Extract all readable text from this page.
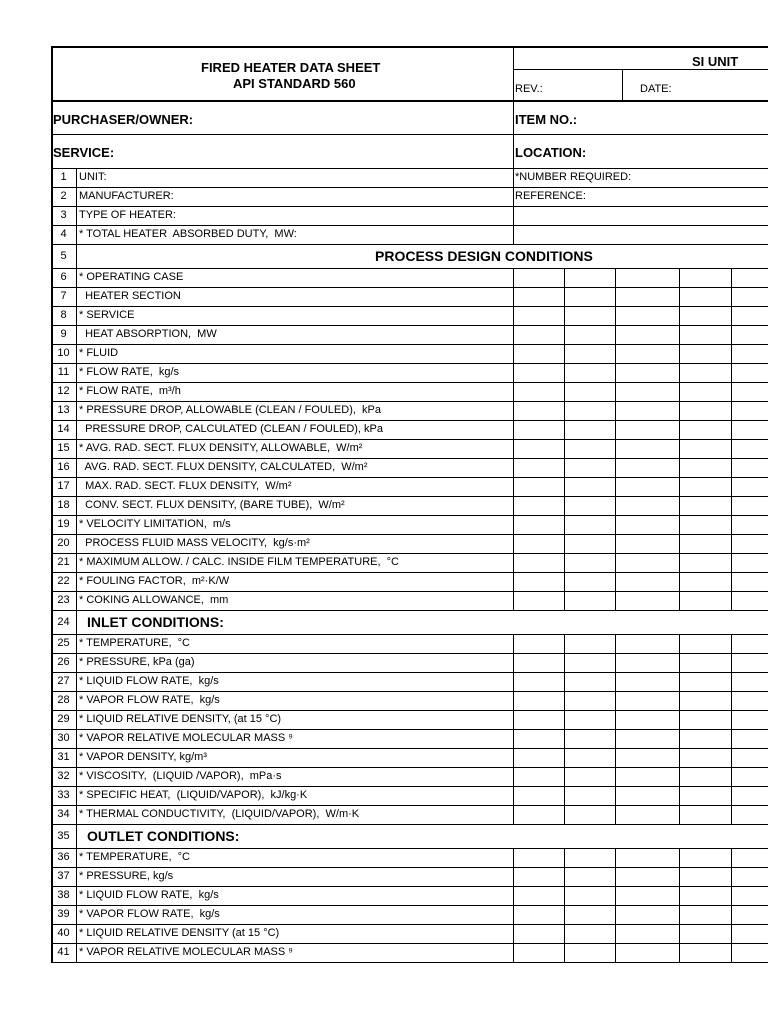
FIRED HEATER DATA SHEET
API STANDARD 560
SI UNIT
REV.:	DATE:
PURCHASER/OWNER:	ITEM NO.:
SERVICE:	LOCATION:
1	UNIT:	*NUMBER REQUIRED:
2	MANUFACTURER:	REFERENCE:
3	TYPE OF HEATER:
4	* TOTAL HEATER  ABSORBED DUTY,  MW:
5	PROCESS DESIGN CONDITIONS
6	* OPERATING CASE
7	HEATER SECTION
8	* SERVICE
9	HEAT ABSORPTION,  MW
10 * FLUID
11 * FLOW RATE,  kg/s
12 * FLOW RATE,  m³/h
13 * PRESSURE DROP, ALLOWABLE (CLEAN / FOULED),  kPa
14 PRESSURE DROP, CALCULATED (CLEAN / FOULED), kPa
15 * AVG. RAD. SECT. FLUX DENSITY, ALLOWABLE,  W/m²
16 AVG. RAD. SECT. FLUX DENSITY, CALCULATED,  W/m²
17 MAX. RAD. SECT. FLUX DENSITY,  W/m²
18 CONV. SECT. FLUX DENSITY, (BARE TUBE),  W/m²
19 * VELOCITY LIMITATION,  m/s
20 PROCESS FLUID MASS VELOCITY,  kg/s·m²
21 * MAXIMUM ALLOW. / CALC. INSIDE FILM TEMPERATURE,  °C
22 * FOULING FACTOR,  m²·K/W
23 * COKING ALLOWANCE,  mm
24	INLET CONDITIONS:
25 * TEMPERATURE,  °C
26 * PRESSURE, kPa (ga)
27 * LIQUID FLOW RATE,  kg/s
28 * VAPOR FLOW RATE,  kg/s
29 * LIQUID RELATIVE DENSITY, (at 15 °C)
30 * VAPOR RELATIVE MOLECULAR MASS ⁹
31 * VAPOR DENSITY, kg/m³
32 * VISCOSITY,  (LIQUID /VAPOR),  mPa·s
33 * SPECIFIC HEAT,  (LIQUID/VAPOR),  kJ/kg·K
34 * THERMAL CONDUCTIVITY,  (LIQUID/VAPOR),  W/m·K
35	OUTLET CONDITIONS:
36 * TEMPERATURE,  °C
37 * PRESSURE, kg/s
38 * LIQUID FLOW RATE,  kg/s
39 * VAPOR FLOW RATE,  kg/s
40 * LIQUID RELATIVE DENSITY (at 15 °C)
41 * VAPOR RELATIVE MOLECULAR MASS ⁹
